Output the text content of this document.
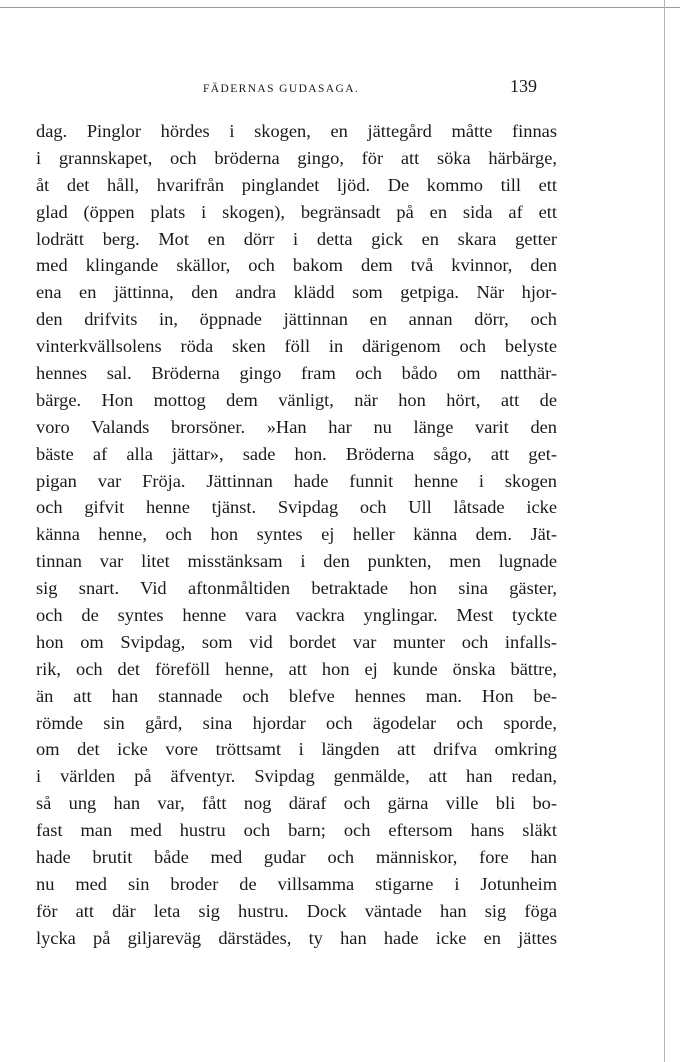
FÄDERNAS GUDASAGA.	139
dag. Pinglor hördes i skogen, en jättegård måtte finnas
i grannskapet, och bröderna gingo, för att söka härbärge,
åt det håll, hvarifrån pinglandet ljöd. De kommo till ett
glad (öppen plats i skogen), begränsadt på en sida af ett
lodrätt berg. Mot en dörr i detta gick en skara getter
med klingande skällor, och bakom dem två kvinnor, den
ena en jättinna, den andra klädd som getpiga. När hjor-
den drifvits in, öppnade jättinnan en annan dörr, och
vinterkvällsolens röda sken föll in därigenom och belyste
hennes sal. Bröderna gingo fram och bådo om natthär-
bärge. Hon mottog dem vänligt, när hon hört, att de
voro Valands brorsöner. »Han har nu länge varit den
bäste af alla jättar», sade hon. Bröderna sågo, att get-
pigan var Fröja. Jättinnan hade funnit henne i skogen
och gifvit henne tjänst. Svipdag och Ull låtsade icke
känna henne, och hon syntes ej heller känna dem. Jät-
tinnan var litet misstänksam i den punkten, men lugnade
sig snart. Vid aftonmåltiden betraktade hon sina gäster,
och de syntes henne vara vackra ynglingar. Mest tyckte
hon om Svipdag, som vid bordet var munter och infalls-
rik, och det föreföll henne, att hon ej kunde önska bättre,
än att han stannade och blefve hennes man. Hon be-
römde sin gård, sina hjordar och ägodelar och sporde,
om det icke vore tröttsamt i längden att drifva omkring
i världen på äfventyr. Svipdag genmälde, att han redan,
så ung han var, fått nog däraf och gärna ville bli bo-
fast man med hustru och barn; och eftersom hans släkt
hade brutit både med gudar och människor, fore han
nu med sin broder de villsamma stigarne i Jotunheim
för att där leta sig hustru. Dock väntade han sig föga
lycka på giljareväg därstädes, ty han hade icke en jättes
